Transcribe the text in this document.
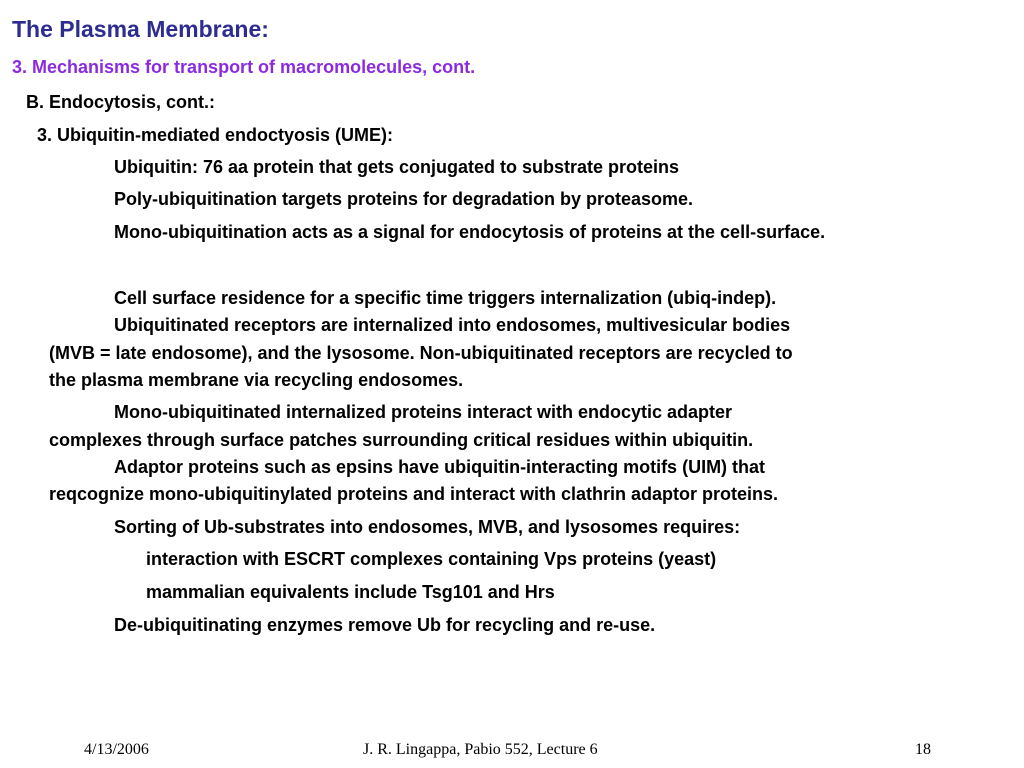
The Plasma Membrane:
3. Mechanisms for transport of macromolecules, cont.
B. Endocytosis, cont.:
3. Ubiquitin-mediated endoctyosis (UME):
Ubiquitin: 76 aa protein that gets conjugated to substrate proteins
Poly-ubiquitination targets proteins for degradation by proteasome.
Mono-ubiquitination acts as a signal for endocytosis of proteins at the cell-surface.
Cell surface residence for a specific time triggers internalization (ubiq-indep).
Ubiquitinated receptors are internalized into endosomes, multivesicular bodies
(MVB = late endosome), and the lysosome. Non-ubiquitinated receptors are recycled to
the plasma membrane via recycling endosomes.
Mono-ubiquitinated internalized proteins interact with endocytic adapter
complexes through surface patches surrounding critical residues within ubiquitin.
Adaptor proteins such as epsins have ubiquitin-interacting motifs (UIM) that
reqcognize mono-ubiquitinylated proteins and interact with clathrin adaptor proteins.
Sorting of Ub-substrates into endosomes, MVB, and lysosomes requires:
interaction with ESCRT complexes containing Vps proteins (yeast)
mammalian equivalents include Tsg101 and Hrs
De-ubiquitinating enzymes remove Ub for recycling and re-use.
4/13/2006	J. R. Lingappa, Pabio 552, Lecture 6	18
